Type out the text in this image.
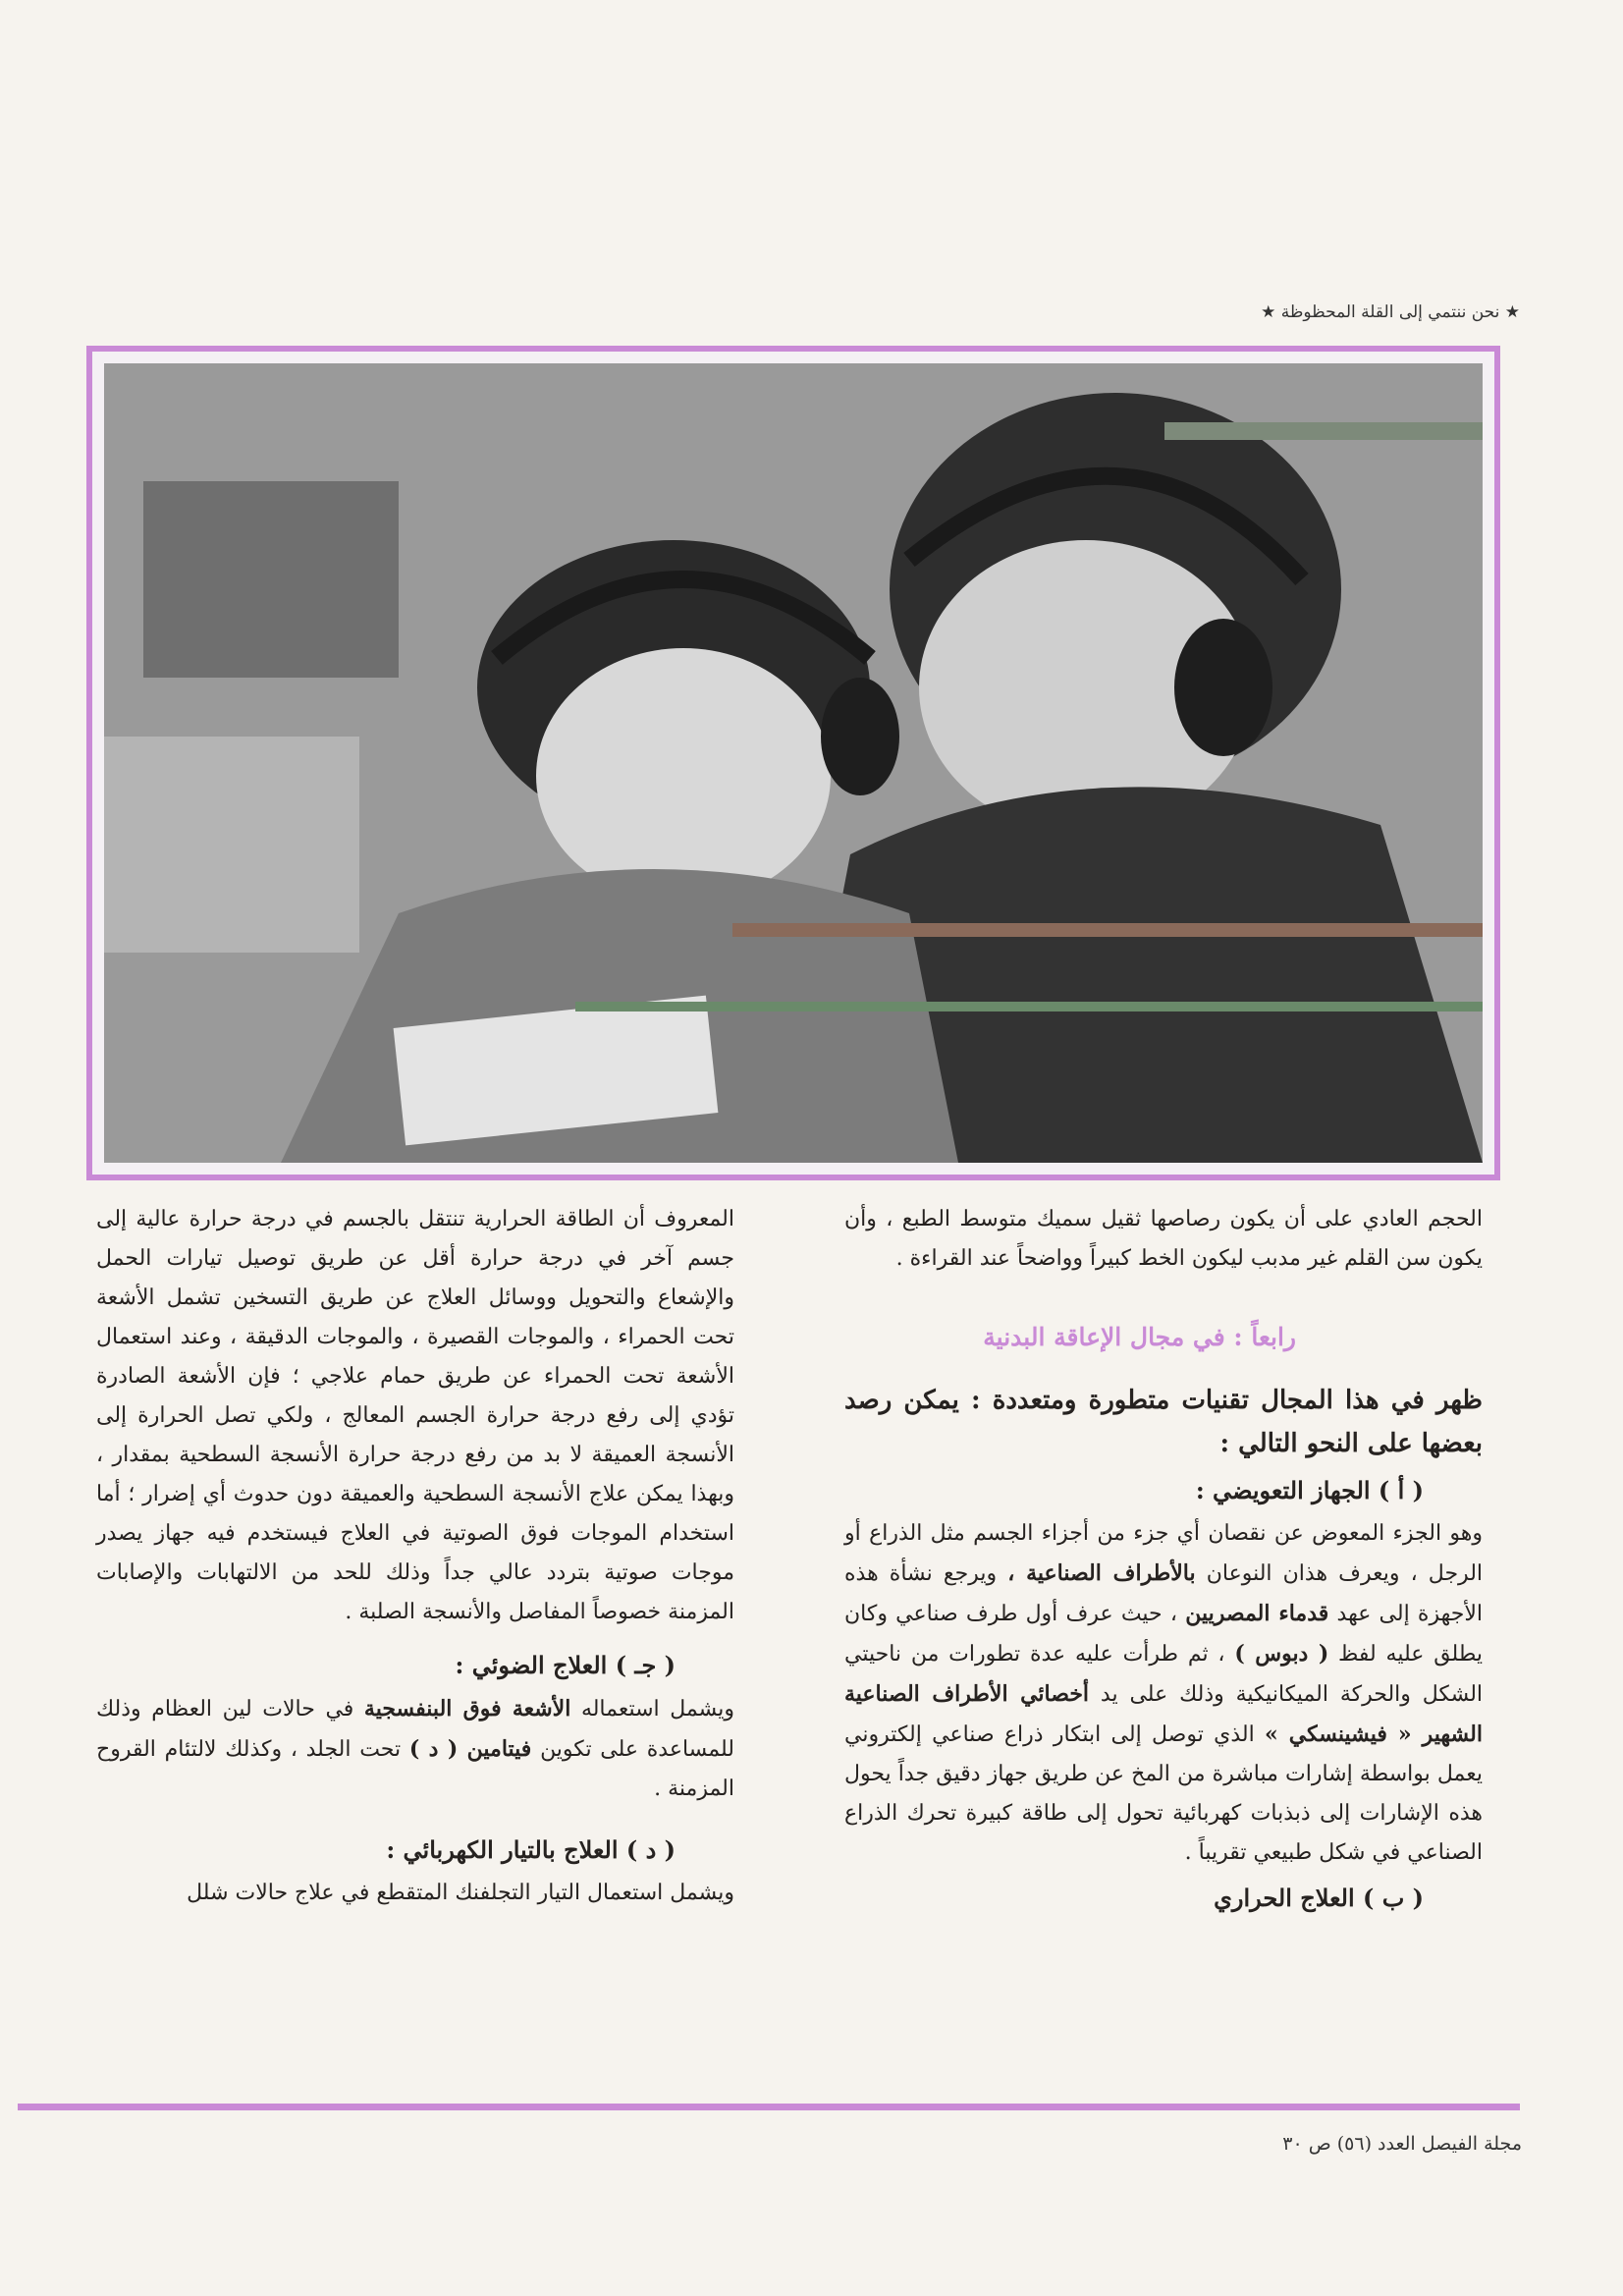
★ نحن ننتمي إلى القلة المحظوظة ★

الحجم العادي على أن يكون رصاصها ثقيل سميك متوسط الطبع ، وأن يكون سن القلم غير مدبب ليكون الخط كبيراً وواضحاً عند القراءة .

رابعاً : في مجال الإعاقة البدنية

ظهر في هذا المجال تقنيات متطورة ومتعددة : يمكن رصد بعضها على النحو التالي :

( أ ) الجهاز التعويضي :

وهو الجزء المعوض عن نقصان أي جزء من أجزاء الجسم مثل الذراع أو الرجل ، ويعرف هذان النوعان بالأطراف الصناعية ، ويرجع نشأة هذه الأجهزة إلى عهد قدماء المصريين ، حيث عرف أول طرف صناعي وكان يطلق عليه لفظ ( دبوس ) ، ثم طرأت عليه عدة تطورات من ناحيتي الشكل والحركة الميكانيكية وذلك على يد أخصائي الأطراف الصناعية الشهير « فيشينسكي » الذي توصل إلى ابتكار ذراع صناعي إلكتروني يعمل بواسطة إشارات مباشرة من المخ عن طريق جهاز دقيق جداً يحول هذه الإشارات إلى ذبذبات كهربائية تحول إلى طاقة كبيرة تحرك الذراع الصناعي في شكل طبيعي تقريباً .

( ب ) العلاج الحراري

المعروف أن الطاقة الحرارية تنتقل بالجسم في درجة حرارة عالية إلى جسم آخر في درجة حرارة أقل عن طريق توصيل تيارات الحمل والإشعاع والتحويل ووسائل العلاج عن طريق التسخين تشمل الأشعة تحت الحمراء ، والموجات القصيرة ، والموجات الدقيقة ، وعند استعمال الأشعة تحت الحمراء عن طريق حمام علاجي ؛ فإن الأشعة الصادرة تؤدي إلى رفع درجة حرارة الجسم المعالج ، ولكي تصل الحرارة إلى الأنسجة العميقة لا بد من رفع درجة حرارة الأنسجة السطحية بمقدار ، وبهذا يمكن علاج الأنسجة السطحية والعميقة دون حدوث أي إضرار ؛ أما استخدام الموجات فوق الصوتية في العلاج فيستخدم فيه جهاز يصدر موجات صوتية بتردد عالي جداً وذلك للحد من الالتهابات والإصابات المزمنة خصوصاً المفاصل والأنسجة الصلبة .

( جـ ) العلاج الضوئي :

ويشمل استعماله الأشعة فوق البنفسجية في حالات لين العظام وذلك للمساعدة على تكوين فيتامين ( د ) تحت الجلد ، وكذلك لالتئام القروح المزمنة .

( د ) العلاج بالتيار الكهربائي :

ويشمل استعمال التيار التجلفنك المتقطع في علاج حالات شلل

مجلة الفيصل العدد (٥٦) ص ٣٠
